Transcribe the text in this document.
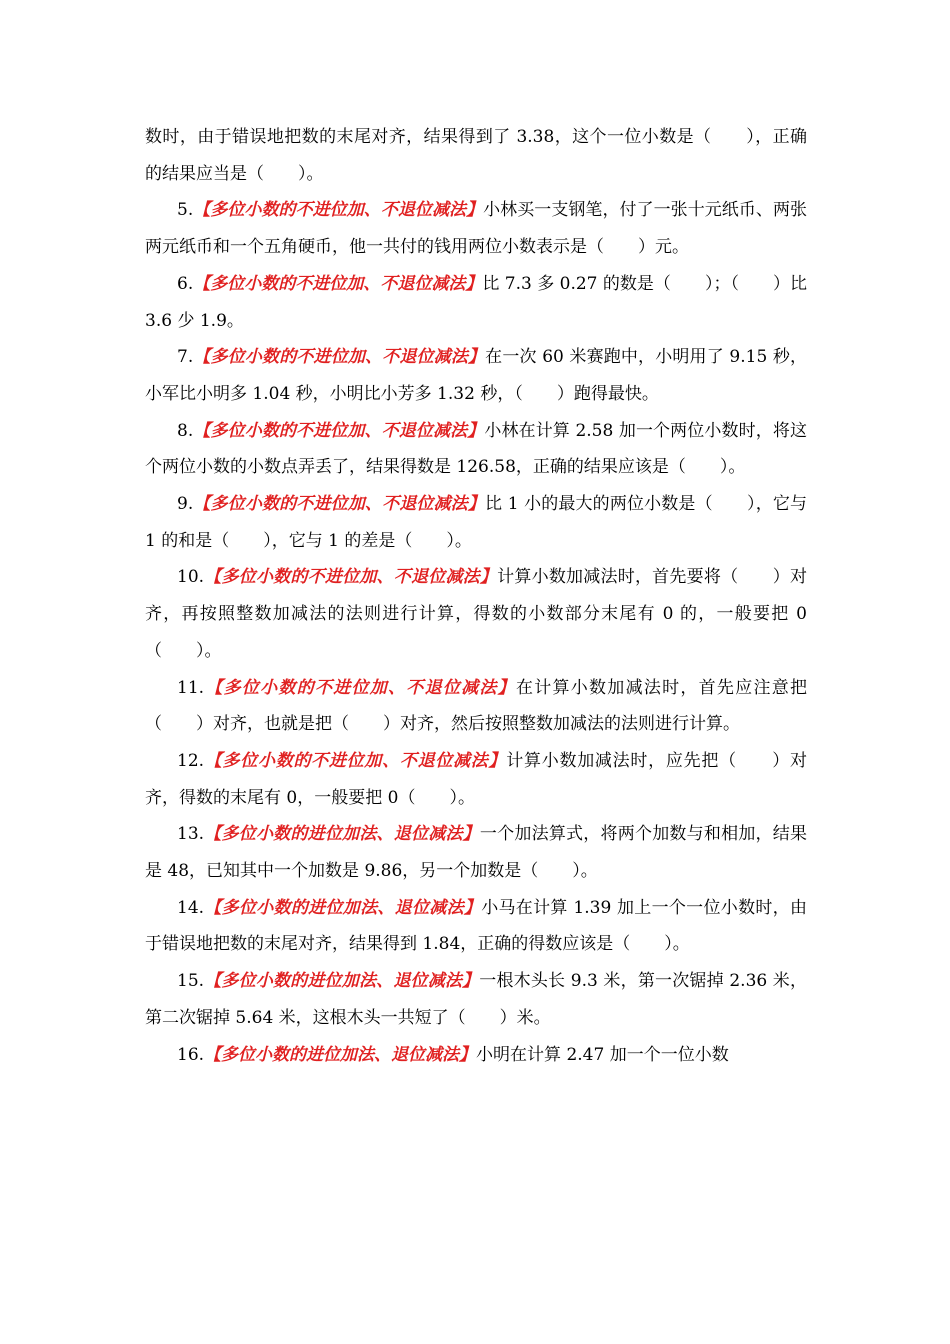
数时，由于错误地把数的末尾对齐，结果得到了 3.38，这个一位小数是（　　），正确的结果应当是（　　）。

5.【多位小数的不进位加、不退位减法】小林买一支钢笔，付了一张十元纸币、两张两元纸币和一个五角硬币，他一共付的钱用两位小数表示是（　　）元。

6.【多位小数的不进位加、不退位减法】比 7.3 多 0.27 的数是（　　）；（　　）比 3.6 少 1.9。

7.【多位小数的不进位加、不退位减法】在一次 60 米赛跑中，小明用了 9.15 秒，小军比小明多 1.04 秒，小明比小芳多 1.32 秒，（　　）跑得最快。

8.【多位小数的不进位加、不退位减法】小林在计算 2.58 加一个两位小数时，将这个两位小数的小数点弄丢了，结果得数是 126.58，正确的结果应该是（　　）。

9.【多位小数的不进位加、不退位减法】比 1 小的最大的两位小数是（　　），它与 1 的和是（　　），它与 1 的差是（　　）。

10.【多位小数的不进位加、不退位减法】计算小数加减法时，首先要将（　　）对齐，再按照整数加减法的法则进行计算，得数的小数部分末尾有 0 的，一般要把 0（　　）。

11.【多位小数的不进位加、不退位减法】在计算小数加减法时，首先应注意把（　　）对齐，也就是把（　　）对齐，然后按照整数加减法的法则进行计算。

12.【多位小数的不进位加、不退位减法】计算小数加减法时，应先把（　　）对齐，得数的末尾有 0，一般要把 0（　　）。

13.【多位小数的进位加法、退位减法】一个加法算式，将两个加数与和相加，结果是 48，已知其中一个加数是 9.86，另一个加数是（　　）。

14.【多位小数的进位加法、退位减法】小马在计算 1.39 加上一个一位小数时，由于错误地把数的末尾对齐，结果得到 1.84，正确的得数应该是（　　）。

15.【多位小数的进位加法、退位减法】一根木头长 9.3 米，第一次锯掉 2.36 米，第二次锯掉 5.64 米，这根木头一共短了（　　）米。

16.【多位小数的进位加法、退位减法】小明在计算 2.47 加一个一位小数
